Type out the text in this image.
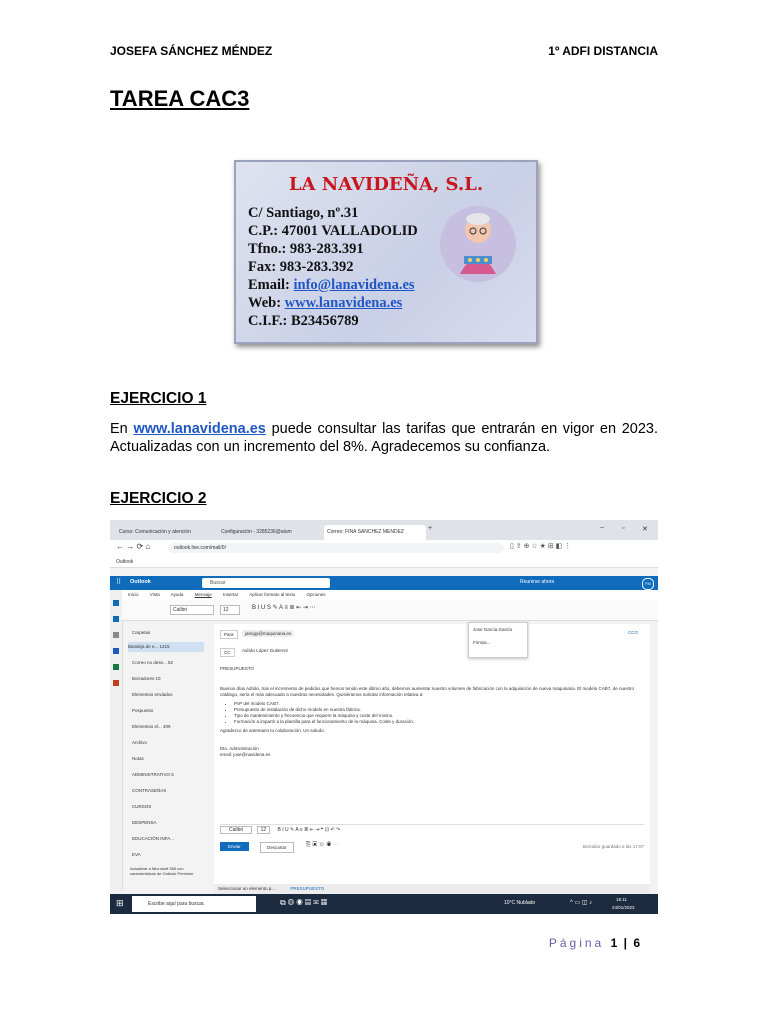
JOSEFA SÁNCHEZ MÉNDEZ	1º ADFI DISTANCIA
TAREA CAC3
LA NAVIDEÑA, S.L.
C/ Santiago, nº.31
C.P.: 47001 VALLADOLID
Tfno.: 983-283.391
Fax: 983-283.392
Email: info@lanavidena.es
Web: www.lanavidena.es
C.I.F.: B23456789
EJERCICIO 1
En www.lanavidena.es puede consultar las tarifas que entrarán en vigor en 2023. Actualizadas con un incremento del 8%. Agradecemos su confianza.
EJERCICIO 2
Curso: Comunicación y atención	Configuración - 3285236@alum	Correo: FINA SANCHEZ MENDEZ	+	−	▫	✕
← → ⟳ ⌂	outlook.live.com/mail/0/	▯ ⇪ ⊕ ☆ ★ ⊞ ◧ ⋮
Outlook
⠿ Outlook	Buscar	Reunirse ahora	FM
Inicio	Vista Ayuda	Mensaje	Insertar Aplicar formato al texto	Opciones
Calibri	12	B I U S ✎ A ≡ ≣ ⇤ ⇥ ⋯
Carpetas
Bandeja de e... 1215
Correo no dese... 52
Borradores 10
Elementos enviados
Pospuesto
Elementos el... 409
Archivo
Notas
ADMINISTRATIVO 5
CONTRASEÑAS
CURSOS
DESPENSA
EDUCACIÓN INFA...
EVA
Actualizar a Microsoft 365 con características de Outlook Premium
Para	jarlogy@maquinaria.es	CCO
CC	Adrián López Gutierrez
PRESUPUESTO
Buenos días Adrián, tras el incremento de pedidos que hemos tenido este último año, debemos aumentar nuestro volumen de fabricación con la adquisición de nueva maquinaria. El modelo CAB7, de nuestro catálogo, sería el más adecuado a nuestras necesidades. Quisiéramos solicitar información relativa a:
• PvP del modelo CAB7.
• Presupuesto de instalación de dicho modelo en nuestra fábrica.
• Tipo de mantenimiento y frecuencia que requiere la máquina y coste del mismo.
• Formación a impartir a la plantilla para el funcionamiento de la máquina. Coste y duración.
Agradezco de antemano tu colaboración. Un saludo.
Dto. Administración
email: jose@navidena.es
Calibri	12 B I U ✎ A ≡ ≣ ⇤ ⇥ ❝ ⊡ ↶ ↷
Enviar	Descartar	⎘ ▣ ☺ ◉ ⋯	Borrador guardado a las 17:07
Jose García García
Firmas...
Seleccionar un elemento p...	PRESUPUESTO
⊞	Escribe aquí para buscar.	⧉ ◍ ◉ ▤ ✉ ▦	10°C Nublado	^ ▭ ◫ ♪
18:11
24/01/2023
Página 1 | 6
